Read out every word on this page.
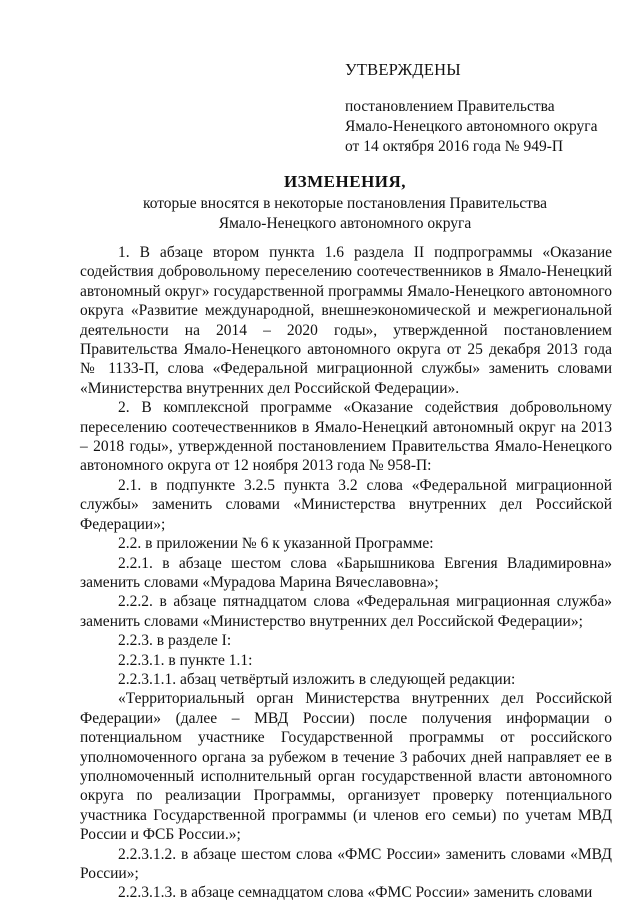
УТВЕРЖДЕНЫ
постановлением Правительства
Ямало-Ненецкого автономного округа
от 14 октября 2016 года № 949-П
ИЗМЕНЕНИЯ,
которые вносятся в некоторые постановления Правительства
Ямало-Ненецкого автономного округа

1. В абзаце втором пункта 1.6 раздела II подпрограммы «Оказание содействия добровольному переселению соотечественников в Ямало-Ненецкий автономный округ» государственной программы Ямало-Ненецкого автономного округа «Развитие международной, внешнеэкономической и межрегиональной деятельности на 2014 – 2020 годы», утвержденной постановлением Правительства Ямало-Ненецкого автономного округа от 25 декабря 2013 года № 1133-П, слова «Федеральной миграционной службы» заменить словами «Министерства внутренних дел Российской Федерации».

2. В комплексной программе «Оказание содействия добровольному переселению соотечественников в Ямало-Ненецкий автономный округ на 2013 – 2018 годы», утвержденной постановлением Правительства Ямало-Ненецкого автономного округа от 12 ноября 2013 года № 958-П:

2.1. в подпункте 3.2.5 пункта 3.2 слова «Федеральной миграционной службы» заменить словами «Министерства внутренних дел Российской Федерации»;

2.2. в приложении № 6 к указанной Программе:

2.2.1. в абзаце шестом слова «Барышникова Евгения Владимировна» заменить словами «Мурадова Марина Вячеславовна»;

2.2.2. в абзаце пятнадцатом слова «Федеральная миграционная служба» заменить словами «Министерство внутренних дел Российской Федерации»;

2.2.3. в разделе I:

2.2.3.1. в пункте 1.1:

2.2.3.1.1. абзац четвёртый изложить в следующей редакции:

«Территориальный орган Министерства внутренних дел Российской Федерации» (далее – МВД России) после получения информации о потенциальном участнике Государственной программы от российского уполномоченного органа за рубежом в течение 3 рабочих дней направляет ее в уполномоченный исполнительный орган государственной власти автономного округа по реализации Программы, организует проверку потенциального участника Государственной программы (и членов его семьи) по учетам МВД России и ФСБ России.»;

2.2.3.1.2. в абзаце шестом слова «ФМС России» заменить словами «МВД России»;

2.2.3.1.3. в абзаце семнадцатом слова «ФМС России» заменить словами
